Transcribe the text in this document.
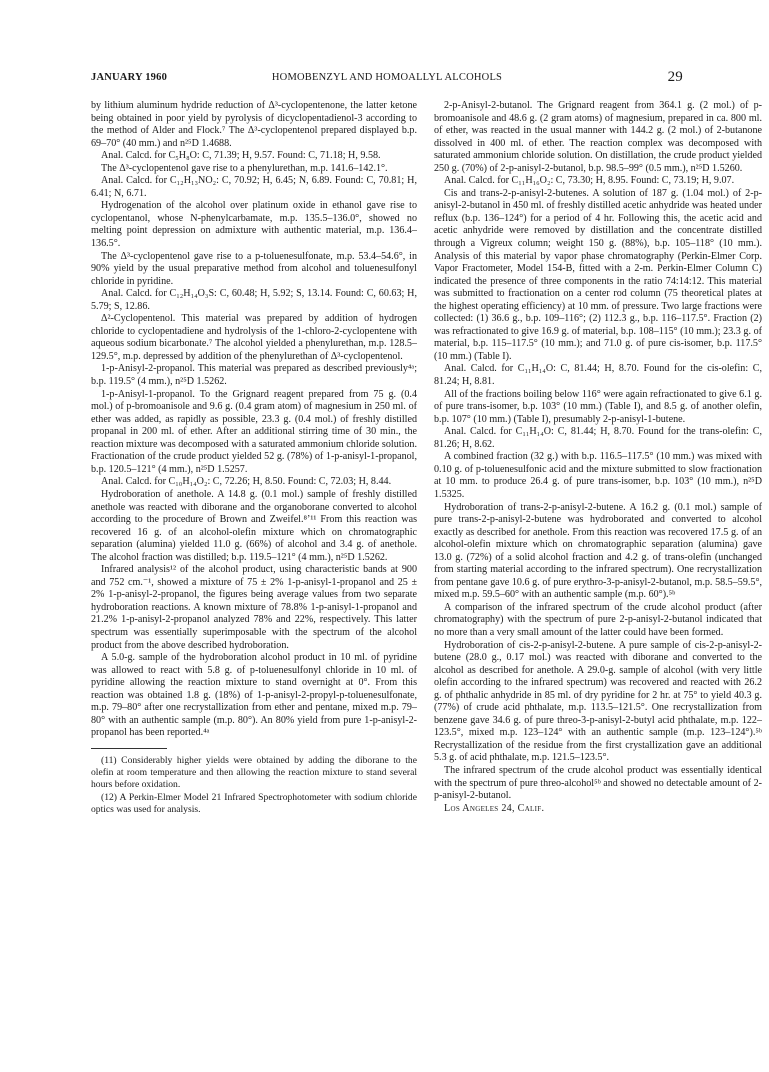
JANUARY 1960	HOMOBENZYL AND HOMOALLYL ALCOHOLS	29

by lithium aluminum hydride reduction of Δ³-cyclopentenone, the latter ketone being obtained in poor yield by pyrolysis of dicyclopentadienol-3 according to the method of Alder and Flock.⁷ The Δ³-cyclopentenol prepared displayed b.p. 69–70° (40 mm.) and n²⁵D 1.4688.

Anal. Calcd. for C₅H₈O: C, 71.39; H, 9.57. Found: C, 71.18; H, 9.58.

The Δ³-cyclopentenol gave rise to a phenylurethan, m.p. 141.6–142.1°.

Anal. Calcd. for C₁₂H₁₃NO₂: C, 70.92; H, 6.45; N, 6.89. Found: C, 70.81; H, 6.41; N, 6.71.

Hydrogenation of the alcohol over platinum oxide in ethanol gave rise to cyclopentanol, whose N-phenylcarbamate, m.p. 135.5–136.0°, showed no melting point depression on admixture with authentic material, m.p. 136.4–136.5°.

The Δ³-cyclopentenol gave rise to a p-toluenesulfonate, m.p. 53.4–54.6°, in 90% yield by the usual preparative method from alcohol and toluenesulfonyl chloride in pyridine.

Anal. Calcd. for C₁₂H₁₄O₃S: C, 60.48; H, 5.92; S, 13.14. Found: C, 60.63; H, 5.79; S, 12.86.

Δ²-Cyclopentenol. This material was prepared by addition of hydrogen chloride to cyclopentadiene and hydrolysis of the 1-chloro-2-cyclopentene with aqueous sodium bicarbonate.⁷ The alcohol yielded a phenylurethan, m.p. 128.5–129.5°, m.p. depressed by addition of the phenylurethan of Δ³-cyclopentenol.

1-p-Anisyl-2-propanol. This material was prepared as described previously⁴ᵃ; b.p. 119.5° (4 mm.), n²⁵D 1.5262.

1-p-Anisyl-1-propanol. To the Grignard reagent prepared from 75 g. (0.4 mol.) of p-bromoanisole and 9.6 g. (0.4 gram atom) of magnesium in 250 ml. of ether was added, as rapidly as possible, 23.3 g. (0.4 mol.) of freshly distilled propanal in 200 ml. of ether. After an additional stirring time of 30 min., the reaction mixture was decomposed with a saturated ammonium chloride solution. Fractionation of the crude product yielded 52 g. (78%) of 1-p-anisyl-1-propanol, b.p. 120.5–121° (4 mm.), n²⁵D 1.5257.

Anal. Calcd. for C₁₀H₁₄O₂: C, 72.26; H, 8.50. Found: C, 72.03; H, 8.44.

Hydroboration of anethole. A 14.8 g. (0.1 mol.) sample of freshly distilled anethole was reacted with diborane and the organoborane converted to alcohol according to the procedure of Brown and Zweifel.⁸ʼ¹¹ From this reaction was recovered 16 g. of an alcohol-olefin mixture which on chromatographic separation (alumina) yielded 11.0 g. (66%) of alcohol and 3.4 g. of anethole. The alcohol fraction was distilled; b.p. 119.5–121° (4 mm.), n²⁵D 1.5262.

Infrared analysis¹² of the alcohol product, using characteristic bands at 900 and 752 cm.⁻¹, showed a mixture of 75 ± 2% 1-p-anisyl-1-propanol and 25 ± 2% 1-p-anisyl-2-propanol, the figures being average values from two separate hydroboration reactions. A known mixture of 78.8% 1-p-anisyl-1-propanol and 21.2% 1-p-anisyl-2-propanol analyzed 78% and 22%, respectively. This latter spectrum was essentially superimposable with the spectrum of the alcohol product from the above described hydroboration.

A 5.0-g. sample of the hydroboration alcohol product in 10 ml. of pyridine was allowed to react with 5.8 g. of p-toluenesulfonyl chloride in 10 ml. of pyridine allowing the reaction mixture to stand overnight at 0°. From this reaction was obtained 1.8 g. (18%) of 1-p-anisyl-2-propyl-p-toluenesulfonate, m.p. 79–80° after one recrystallization from ether and pentane, mixed m.p. 79–80° with an authentic sample (m.p. 80°). An 80% yield from pure 1-p-anisyl-2-propanol has been reported.⁴ᵃ

(11) Considerably higher yields were obtained by adding the diborane to the olefin at room temperature and then allowing the reaction mixture to stand several hours before oxidation.

(12) A Perkin-Elmer Model 21 Infrared Spectrophotometer with sodium chloride optics was used for analysis.

2-p-Anisyl-2-butanol. The Grignard reagent from 364.1 g. (2 mol.) of p-bromoanisole and 48.6 g. (2 gram atoms) of magnesium, prepared in ca. 800 ml. of ether, was reacted in the usual manner with 144.2 g. (2 mol.) of 2-butanone dissolved in 400 ml. of ether. The reaction complex was decomposed with saturated ammonium chloride solution. On distillation, the crude product yielded 250 g. (70%) of 2-p-anisyl-2-butanol, b.p. 98.5–99° (0.5 mm.), n²⁵D 1.5260.

Anal. Calcd. for C₁₁H₁₆O₂: C, 73.30; H, 8.95. Found: C, 73.19; H, 9.07.

Cis and trans-2-p-anisyl-2-butenes. A solution of 187 g. (1.04 mol.) of 2-p-anisyl-2-butanol in 450 ml. of freshly distilled acetic anhydride was heated under reflux (b.p. 136–124°) for a period of 4 hr. Following this, the acetic acid and acetic anhydride were removed by distillation and the concentrate distilled through a Vigreux column; weight 150 g. (88%), b.p. 105–118° (10 mm.). Analysis of this material by vapor phase chromatography (Perkin-Elmer Corp. Vapor Fractometer, Model 154-B, fitted with a 2-m. Perkin-Elmer Column C) indicated the presence of three components in the ratio 74:14:12. This material was submitted to fractionation on a center rod column (75 theoretical plates at the highest operating efficiency) at 10 mm. of pressure. Two large fractions were collected: (1) 36.6 g., b.p. 109–116°; (2) 112.3 g., b.p. 116–117.5°. Fraction (2) was refractionated to give 16.9 g. of material, b.p. 108–115° (10 mm.); 23.3 g. of material, b.p. 115–117.5° (10 mm.); and 71.0 g. of pure cis-isomer, b.p. 117.5° (10 mm.) (Table I).

Anal. Calcd. for C₁₁H₁₄O: C, 81.44; H, 8.70. Found for the cis-olefin: C, 81.24; H, 8.81.

All of the fractions boiling below 116° were again refractionated to give 6.1 g. of pure trans-isomer, b.p. 103° (10 mm.) (Table I), and 8.5 g. of another olefin, b.p. 107° (10 mm.) (Table I), presumably 2-p-anisyl-1-butene.

Anal. Calcd. for C₁₁H₁₄O: C, 81.44; H, 8.70. Found for the trans-olefin: C, 81.26; H, 8.62.

A combined fraction (32 g.) with b.p. 116.5–117.5° (10 mm.) was mixed with 0.10 g. of p-toluenesulfonic acid and the mixture submitted to slow fractionation at 10 mm. to produce 26.4 g. of pure trans-isomer, b.p. 103° (10 mm.), n²⁵D 1.5325.

Hydroboration of trans-2-p-anisyl-2-butene. A 16.2 g. (0.1 mol.) sample of pure trans-2-p-anisyl-2-butene was hydroborated and converted to alcohol exactly as described for anethole. From this reaction was recovered 17.5 g. of an alcohol-olefin mixture which on chromatographic separation (alumina) gave 13.0 g. (72%) of a solid alcohol fraction and 4.2 g. of trans-olefin (unchanged from starting material according to the infrared spectrum). One recrystallization from pentane gave 10.6 g. of pure erythro-3-p-anisyl-2-butanol, m.p. 58.5–59.5°, mixed m.p. 59.5–60° with an authentic sample (m.p. 60°).⁵ᵇ

A comparison of the infrared spectrum of the crude alcohol product (after chromatography) with the spectrum of pure 2-p-anisyl-2-butanol indicated that no more than a very small amount of the latter could have been formed.

Hydroboration of cis-2-p-anisyl-2-butene. A pure sample of cis-2-p-anisyl-2-butene (28.0 g., 0.17 mol.) was reacted with diborane and converted to the alcohol as described for anethole. A 29.0-g. sample of alcohol (with very little olefin according to the infrared spectrum) was recovered and reacted with 26.2 g. of phthalic anhydride in 85 ml. of dry pyridine for 2 hr. at 75° to yield 40.3 g. (77%) of crude acid phthalate, m.p. 113.5–121.5°. One recrystallization from benzene gave 34.6 g. of pure threo-3-p-anisyl-2-butyl acid phthalate, m.p. 122–123.5°, mixed m.p. 123–124° with an authentic sample (m.p. 123–124°).⁵ᵇ Recrystallization of the residue from the first crystallization gave an additional 5.3 g. of acid phthalate, m.p. 121.5–123.5°.

The infrared spectrum of the crude alcohol product was essentially identical with the spectrum of pure threo-alcohol⁵ᵇ and showed no detectable amount of 2-p-anisyl-2-butanol.

Los Angeles 24, Calif.
